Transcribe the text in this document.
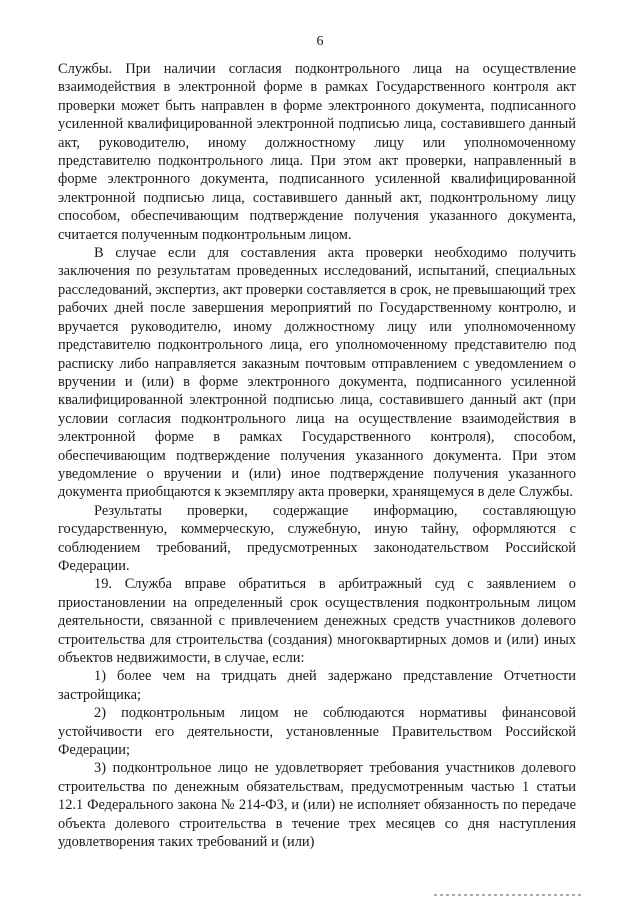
6

Службы. При наличии согласия подконтрольного лица на осуществление взаимодействия в электронной форме в рамках Государственного контроля акт проверки может быть направлен в форме электронного документа, подписанного усиленной квалифицированной электронной подписью лица, составившего данный акт, руководителю, иному должностному лицу или уполномоченному представителю подконтрольного лица. При этом акт проверки, направленный в форме электронного документа, подписанного усиленной квалифицированной электронной подписью лица, составившего данный акт, подконтрольному лицу способом, обеспечивающим подтверждение получения указанного документа, считается полученным подконтрольным лицом.

В случае если для составления акта проверки необходимо получить заключения по результатам проведенных исследований, испытаний, специальных расследований, экспертиз, акт проверки составляется в срок, не превышающий трех рабочих дней после завершения мероприятий по Государственному контролю, и вручается руководителю, иному должностному лицу или уполномоченному представителю подконтрольного лица, его уполномоченному представителю под расписку либо направляется заказным почтовым отправлением с уведомлением о вручении и (или) в форме электронного документа, подписанного усиленной квалифицированной электронной подписью лица, составившего данный акт (при условии согласия подконтрольного лица на осуществление взаимодействия в электронной форме в рамках Государственного контроля), способом, обеспечивающим подтверждение получения указанного документа. При этом уведомление о вручении и (или) иное подтверждение получения указанного документа приобщаются к экземпляру акта проверки, хранящемуся в деле Службы.

Результаты проверки, содержащие информацию, составляющую государственную, коммерческую, служебную, иную тайну, оформляются с соблюдением требований, предусмотренных законодательством Российской Федерации.

19. Служба вправе обратиться в арбитражный суд с заявлением о приостановлении на определенный срок осуществления подконтрольным лицом деятельности, связанной с привлечением денежных средств участников долевого строительства для строительства (создания) многоквартирных домов и (или) иных объектов недвижимости, в случае, если:

1) более чем на тридцать дней задержано представление Отчетности застройщика;

2) подконтрольным лицом не соблюдаются нормативы финансовой устойчивости его деятельности, установленные Правительством Российской Федерации;

3) подконтрольное лицо не удовлетворяет требования участников долевого строительства по денежным обязательствам, предусмотренным частью 1 статьи 12.1 Федерального закона № 214-ФЗ, и (или) не исполняет обязанность по передаче объекта долевого строительства в течение трех месяцев со дня наступления удовлетворения таких требований и (или)
